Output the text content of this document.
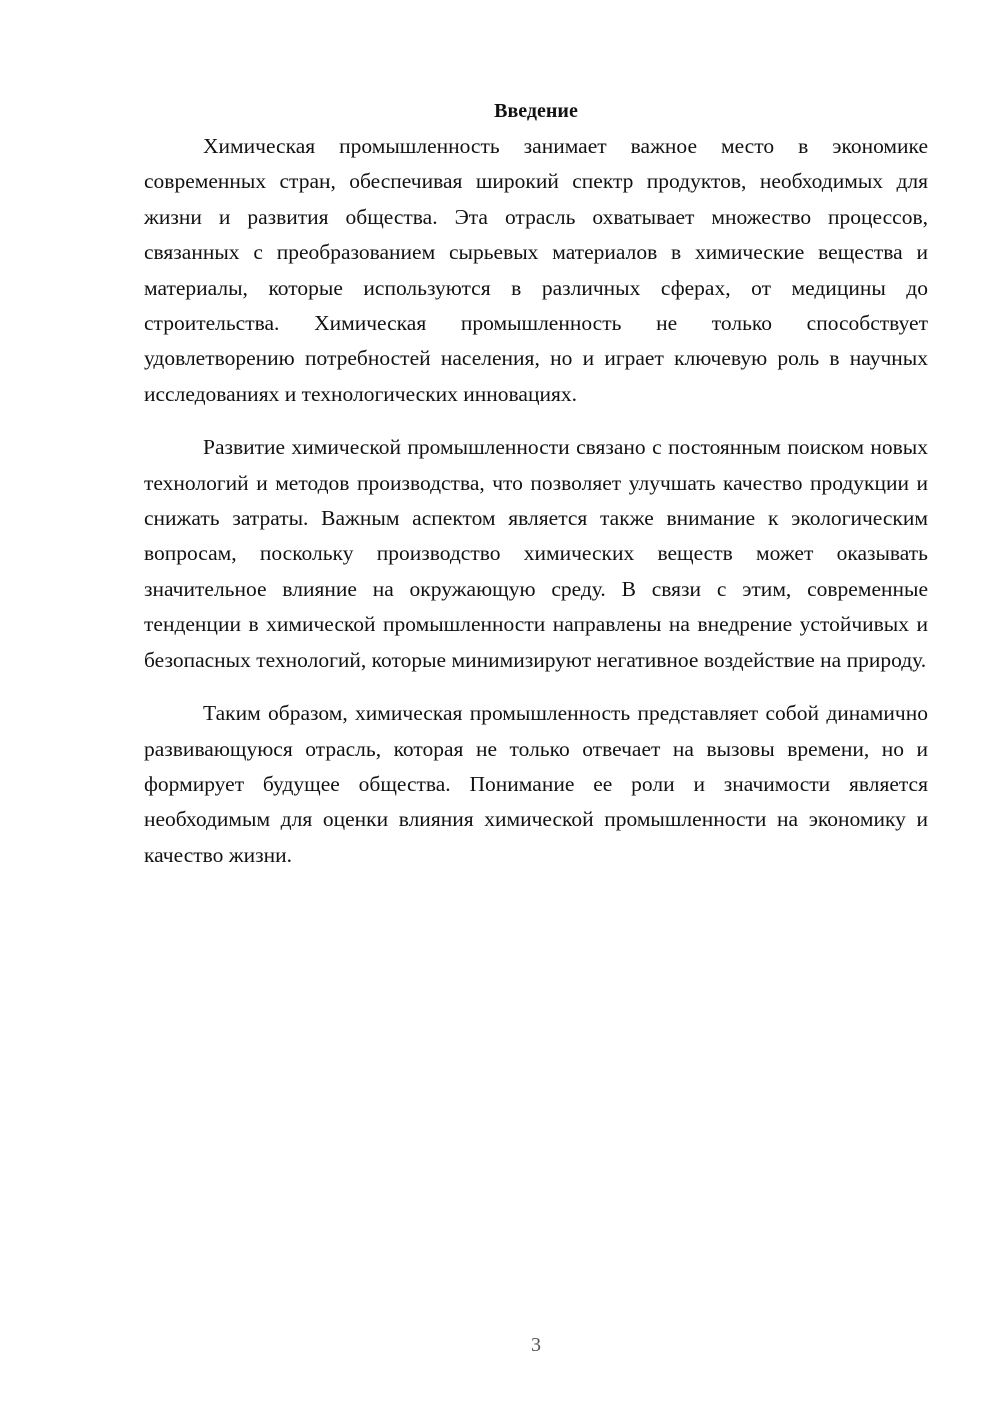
Введение

Химическая промышленность занимает важное место в экономике современных стран, обеспечивая широкий спектр продуктов, необходимых для жизни и развития общества. Эта отрасль охватывает множество процессов, связанных с преобразованием сырьевых материалов в химические вещества и материалы, которые используются в различных сферах, от медицины до строительства. Химическая промышленность не только способствует удовлетворению потребностей населения, но и играет ключевую роль в научных исследованиях и технологических инновациях.

Развитие химической промышленности связано с постоянным поиском новых технологий и методов производства, что позволяет улучшать качество продукции и снижать затраты. Важным аспектом является также внимание к экологическим вопросам, поскольку производство химических веществ может оказывать значительное влияние на окружающую среду. В связи с этим, современные тенденции в химической промышленности направлены на внедрение устойчивых и безопасных технологий, которые минимизируют негативное воздействие на природу.

Таким образом, химическая промышленность представляет собой динамично развивающуюся отрасль, которая не только отвечает на вызовы времени, но и формирует будущее общества. Понимание ее роли и значимости является необходимым для оценки влияния химической промышленности на экономику и качество жизни.

3
